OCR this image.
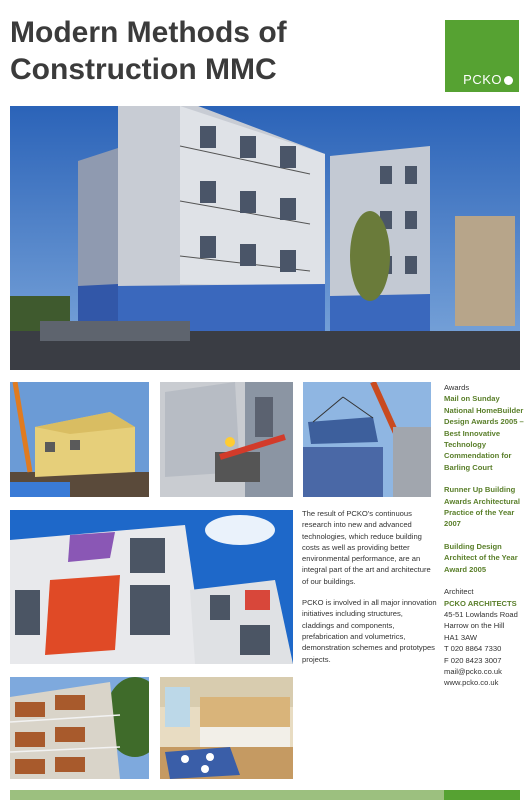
Modern Methods of Construction MMC	PCKO

The result of PCKO's continuous research into new and advanced technologies, which reduce building costs as well as providing better environmental performance, are an integral part of the art and architecture of our buildings.

PCKO is involved in all major innovation initiatives including structures, claddings and components, prefabrication and volumetrics, demonstration schemes and prototypes projects.

Awards

Mail on Sunday National HomeBuilder Design Awards 2005 – Best Innovative Technology Commendation for Barling Court

Runner Up Building Awards Architectural Practice of the Year 2007

Building Design Architect of the Year Award 2005

Architect

PCKO ARCHITECTS

45-51 Lowlands Road

Harrow on the Hill

HA1 3AW

T 020 8864 7330

F 020 8423 3007

mail@pcko.co.uk

www.pcko.co.uk
